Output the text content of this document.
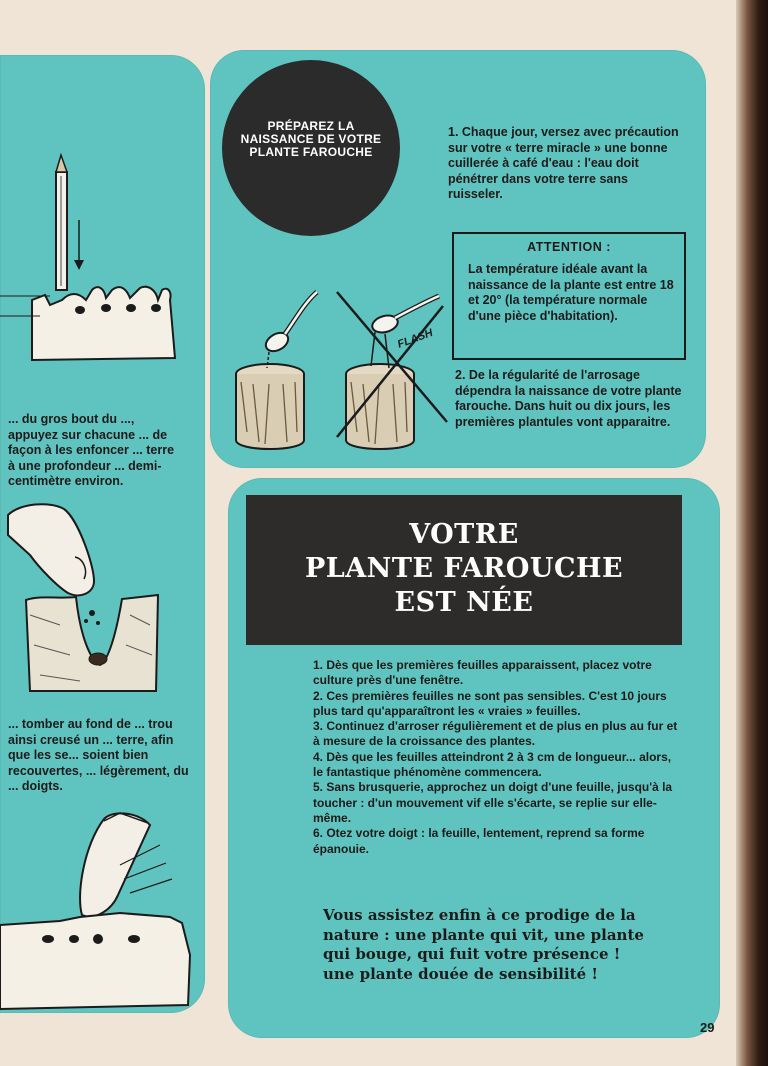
... du gros bout du ..., appuyez sur chacune ... de façon à les enfoncer ... terre à une profondeur ... demi-centimètre environ.
... tomber au fond de ... trou ainsi creusé un ... terre, afin que les se... soient bien recouvertes, ... légèrement, du ... doigts.
PRÉPAREZ LA NAISSANCE DE VOTRE PLANTE FAROUCHE
1. Chaque jour, versez avec précaution sur votre « terre miracle » une bonne cuillerée à café d'eau : l'eau doit pénétrer dans votre terre sans ruisseler.
ATTENTION :
La température idéale avant la naissance de la plante est entre 18 et 20° (la température normale d'une pièce d'habitation).
FLASH
2. De la régularité de l'arrosage dépendra la naissance de votre plante farouche. Dans huit ou dix jours, les premières plantules vont apparaitre.
VOTRE
PLANTE FAROUCHE
EST NÉE
1. Dès que les premières feuilles apparaissent, placez votre culture près d'une fenêtre.
2. Ces premières feuilles ne sont pas sensibles. C'est 10 jours plus tard qu'apparaîtront les « vraies » feuilles.
3. Continuez d'arroser régulièrement et de plus en plus au fur et à mesure de la croissance des plantes.
4. Dès que les feuilles atteindront 2 à 3 cm de longueur... alors, le fantastique phénomène commencera.
5. Sans brusquerie, approchez un doigt d'une feuille, jusqu'à la toucher : d'un mouvement vif elle s'écarte, se replie sur elle-même.
6. Otez votre doigt : la feuille, lentement, reprend sa forme épanouie.
Vous assistez enfin à ce prodige de la nature : une plante qui vit, une plante qui bouge, qui fuit votre présence ! une plante douée de sensibilité !
29
